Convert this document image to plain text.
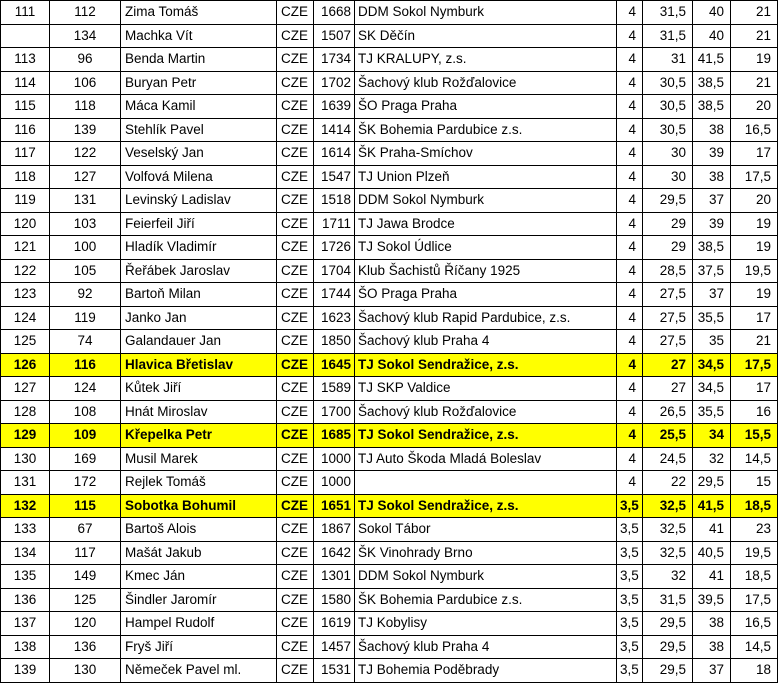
111	112	Zima Tomáš	CZE	1668	DDM Sokol Nymburk	4	31,5	40	21
	134	Machka Vít	CZE	1507	SK Děčín	4	31,5	40	21
113	96	Benda Martin	CZE	1734	TJ KRALUPY, z.s.	4	31	41,5	19
114	106	Buryan Petr	CZE	1702	Šachový klub Rožďalovice	4	30,5	38,5	21
115	118	Máca Kamil	CZE	1639	ŠO Praga Praha	4	30,5	38,5	20
116	139	Stehlík Pavel	CZE	1414	ŠK Bohemia Pardubice z.s.	4	30,5	38	16,5
117	122	Veselský Jan	CZE	1614	ŠK Praha-Smíchov	4	30	39	17
118	127	Volfová Milena	CZE	1547	TJ Union Plzeň	4	30	38	17,5
119	131	Levinský Ladislav	CZE	1518	DDM Sokol Nymburk	4	29,5	37	20
120	103	Feierfeil Jiří	CZE	1711	TJ Jawa Brodce	4	29	39	19
121	100	Hladík Vladimír	CZE	1726	TJ Sokol Údlice	4	29	38,5	19
122	105	Řeřábek Jaroslav	CZE	1704	Klub Šachistů Říčany 1925	4	28,5	37,5	19,5
123	92	Bartoň Milan	CZE	1744	ŠO Praga Praha	4	27,5	37	19
124	119	Janko Jan	CZE	1623	Šachový klub Rapid Pardubice, z.s.	4	27,5	35,5	17
125	74	Galandauer Jan	CZE	1850	Šachový klub Praha 4	4	27,5	35	21
126	116	Hlavica Břetislav	CZE	1645	TJ Sokol Sendražice, z.s.	4	27	34,5	17,5
127	124	Kůtek Jiří	CZE	1589	TJ SKP Valdice	4	27	34,5	17
128	108	Hnát Miroslav	CZE	1700	Šachový klub Rožďalovice	4	26,5	35,5	16
129	109	Křepelka Petr	CZE	1685	TJ Sokol Sendražice, z.s.	4	25,5	34	15,5
130	169	Musil Marek	CZE	1000	TJ Auto Škoda Mladá Boleslav	4	24,5	32	14,5
131	172	Rejlek Tomáš	CZE	1000		4	22	29,5	15
132	115	Sobotka Bohumil	CZE	1651	TJ Sokol Sendražice, z.s.	3,5	32,5	41,5	18,5
133	67	Bartoš Alois	CZE	1867	Sokol Tábor	3,5	32,5	41	23
134	117	Mašát Jakub	CZE	1642	ŠK Vinohrady Brno	3,5	32,5	40,5	19,5
135	149	Kmec Ján	CZE	1301	DDM Sokol Nymburk	3,5	32	41	18,5
136	125	Šindler Jaromír	CZE	1580	ŠK Bohemia Pardubice z.s.	3,5	31,5	39,5	17,5
137	120	Hampel Rudolf	CZE	1619	TJ Kobylisy	3,5	29,5	38	16,5
138	136	Fryš Jiří	CZE	1457	Šachový klub Praha 4	3,5	29,5	38	14,5
139	130	Němeček Pavel ml.	CZE	1531	TJ Bohemia Poděbrady	3,5	29,5	37	18
